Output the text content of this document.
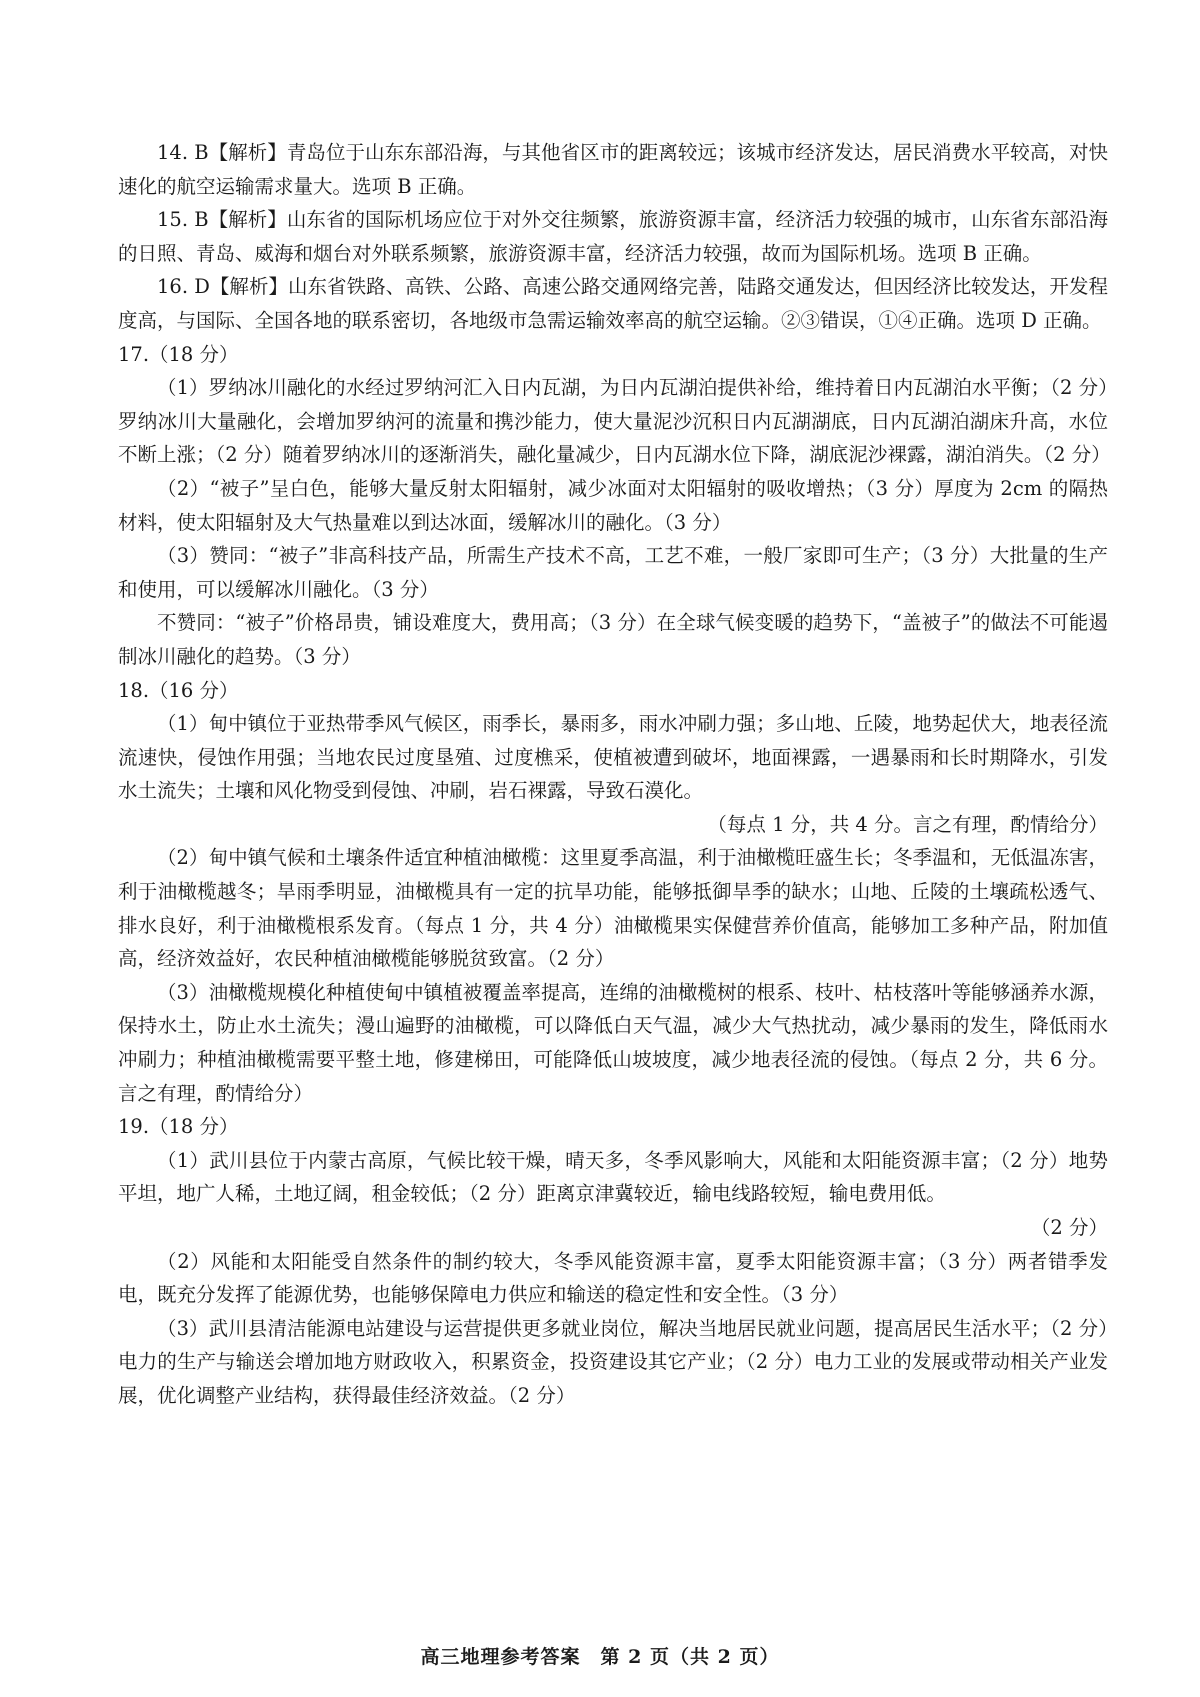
14. B【解析】青岛位于山东东部沿海，与其他省区市的距离较远；该城市经济发达，居民消费水平较高，对快速化的航空运输需求量大。选项 B 正确。

15. B【解析】山东省的国际机场应位于对外交往频繁，旅游资源丰富，经济活力较强的城市，山东省东部沿海的日照、青岛、威海和烟台对外联系频繁，旅游资源丰富，经济活力较强，故而为国际机场。选项 B 正确。

16. D【解析】山东省铁路、高铁、公路、高速公路交通网络完善，陆路交通发达，但因经济比较发达，开发程度高，与国际、全国各地的联系密切，各地级市急需运输效率高的航空运输。②③错误，①④正确。选项 D 正确。

17.（18 分）

（1）罗纳冰川融化的水经过罗纳河汇入日内瓦湖，为日内瓦湖泊提供补给，维持着日内瓦湖泊水平衡；（2 分）罗纳冰川大量融化，会增加罗纳河的流量和携沙能力，使大量泥沙沉积日内瓦湖湖底，日内瓦湖泊湖床升高，水位不断上涨；（2 分）随着罗纳冰川的逐渐消失，融化量减少，日内瓦湖水位下降，湖底泥沙裸露，湖泊消失。（2 分）

（2）“被子”呈白色，能够大量反射太阳辐射，减少冰面对太阳辐射的吸收增热；（3 分）厚度为 2cm 的隔热材料，使太阳辐射及大气热量难以到达冰面，缓解冰川的融化。（3 分）

（3）赞同：“被子”非高科技产品，所需生产技术不高，工艺不难，一般厂家即可生产；（3 分）大批量的生产和使用，可以缓解冰川融化。（3 分）

不赞同：“被子”价格昂贵，铺设难度大，费用高；（3 分）在全球气候变暖的趋势下，“盖被子”的做法不可能遏制冰川融化的趋势。（3 分）

18.（16 分）

（1）甸中镇位于亚热带季风气候区，雨季长，暴雨多，雨水冲刷力强；多山地、丘陵，地势起伏大，地表径流流速快，侵蚀作用强；当地农民过度垦殖、过度樵采，使植被遭到破坏，地面裸露，一遇暴雨和长时期降水，引发水土流失；土壤和风化物受到侵蚀、冲刷，岩石裸露，导致石漠化。

（每点 1 分，共 4 分。言之有理，酌情给分）

（2）甸中镇气候和土壤条件适宜种植油橄榄：这里夏季高温，利于油橄榄旺盛生长；冬季温和，无低温冻害，利于油橄榄越冬；旱雨季明显，油橄榄具有一定的抗旱功能，能够抵御旱季的缺水；山地、丘陵的土壤疏松透气、排水良好，利于油橄榄根系发育。（每点 1 分，共 4 分）油橄榄果实保健营养价值高，能够加工多种产品，附加值高，经济效益好，农民种植油橄榄能够脱贫致富。（2 分）

（3）油橄榄规模化种植使甸中镇植被覆盖率提高，连绵的油橄榄树的根系、枝叶、枯枝落叶等能够涵养水源，保持水土，防止水土流失；漫山遍野的油橄榄，可以降低白天气温，减少大气热扰动，减少暴雨的发生，降低雨水冲刷力；种植油橄榄需要平整土地，修建梯田，可能降低山坡坡度，减少地表径流的侵蚀。（每点 2 分，共 6 分。言之有理，酌情给分）

19.（18 分）

（1）武川县位于内蒙古高原，气候比较干燥，晴天多，冬季风影响大，风能和太阳能资源丰富；（2 分）地势平坦，地广人稀，土地辽阔，租金较低；（2 分）距离京津冀较近，输电线路较短，输电费用低。

（2 分）

（2）风能和太阳能受自然条件的制约较大，冬季风能资源丰富，夏季太阳能资源丰富；（3 分）两者错季发电，既充分发挥了能源优势，也能够保障电力供应和输送的稳定性和安全性。（3 分）

（3）武川县清洁能源电站建设与运营提供更多就业岗位，解决当地居民就业问题，提高居民生活水平；（2 分）电力的生产与输送会增加地方财政收入，积累资金，投资建设其它产业；（2 分）电力工业的发展或带动相关产业发展，优化调整产业结构，获得最佳经济效益。（2 分）

高三地理参考答案　第 2 页（共 2 页）
